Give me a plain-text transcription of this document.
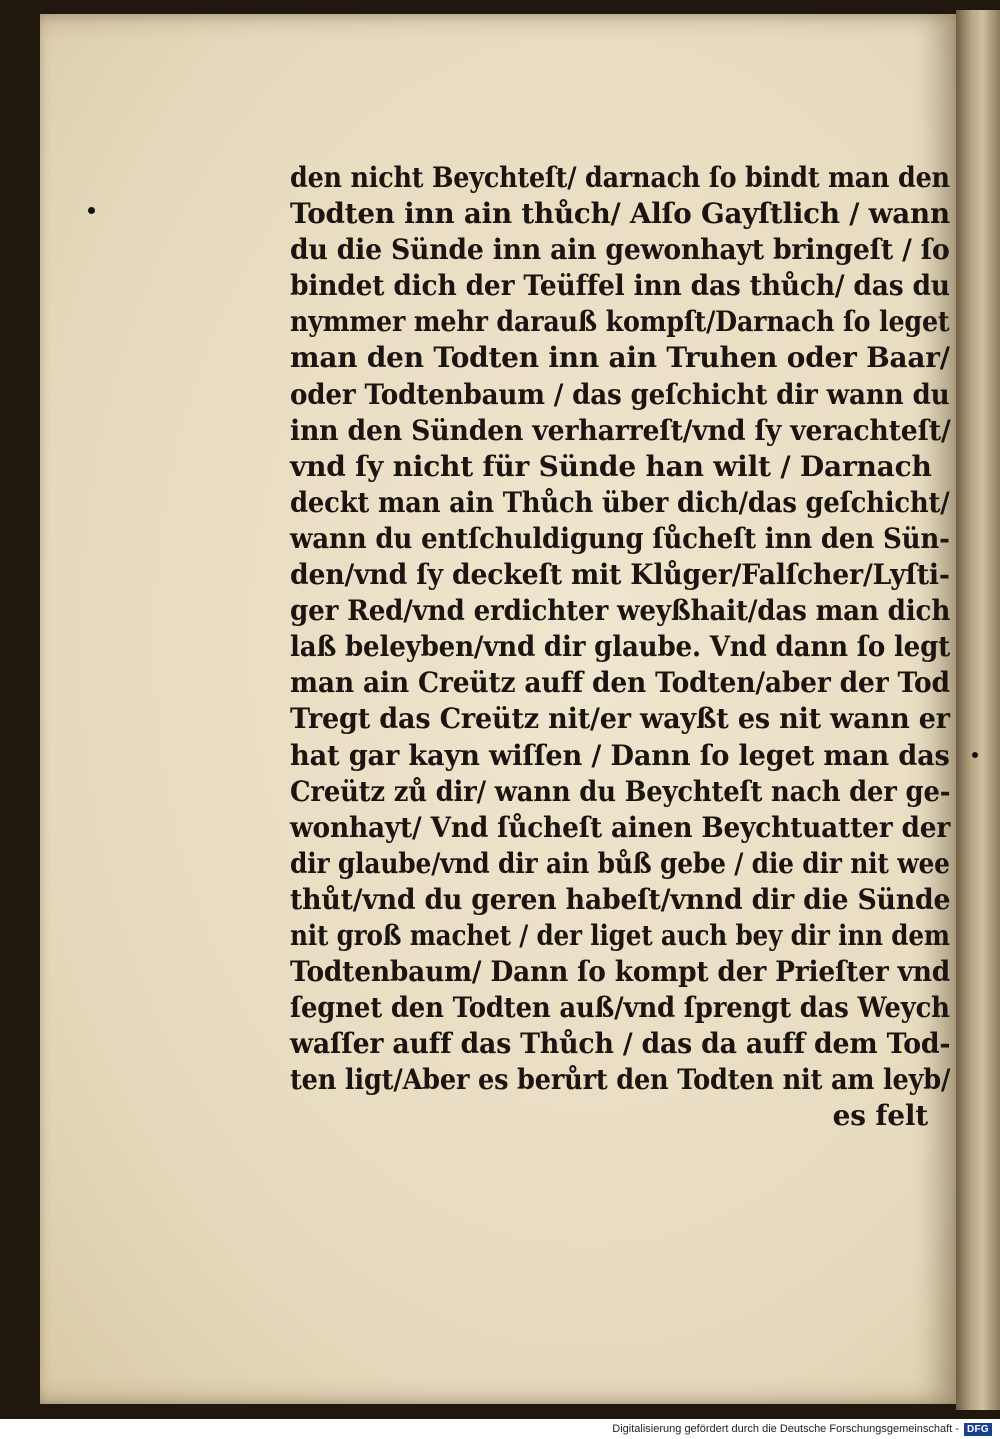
den nicht Beychteſt/ darnach ſo bindt man den
Todten inn ain thůch/ Alſo Gayſtlich / wann
du die Sünde inn ain gewonhayt bringeſt / ſo
bindet dich der Teüffel inn das thůch/ das du
nymmer mehr darauß kompſt/Darnach ſo leget
man den Todten inn ain Truhen oder Baar/
oder Todtenbaum / das geſchicht dir wann du
inn den Sünden verharreſt/vnd ſy verachteſt/
vnd ſy nicht für Sünde han wilt / Darnach
deckt man ain Thůch über dich/das geſchicht/
wann du entſchuldigung ſůcheſt inn den Sün-
den/vnd ſy deckeſt mit Klůger/Falſcher/Lyſti-
ger Red/vnd erdichter weyßhait/das man dich
laß beleyben/vnd dir glaube. Vnd dann ſo legt
man ain Creütz auff den Todten/aber der Tod
Tregt das Creütz nit/er wayßt es nit wann er
hat gar kayn wiſſen / Dann ſo leget man das
Creütz zů dir/ wann du Beychteſt nach der ge-
wonhayt/ Vnd ſůcheſt ainen Beychtuatter der
dir glaube/vnd dir ain bůß gebe / die dir nit wee
thůt/vnd du geren habeſt/vnnd dir die Sünde
nit groß machet / der liget auch bey dir inn dem
Todtenbaum/ Dann ſo kompt der Prieſter vnd
ſegnet den Todten auß/vnd ſprengt das Weych
waſſer auff das Thůch / das da auff dem Tod-
ten ligt/Aber es berůrt den Todten nit am leyb/
es felt
Digitalisierung gefördert durch die Deutsche Forschungsgemeinschaft - DFG
